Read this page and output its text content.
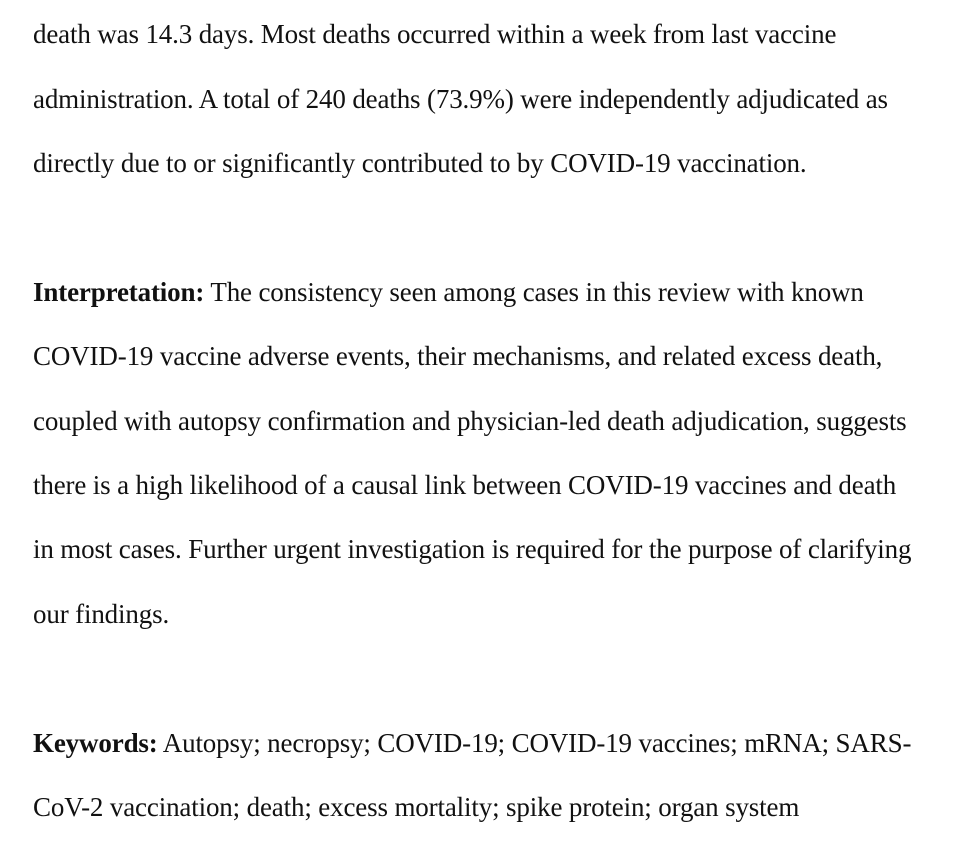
death was 14.3 days. Most deaths occurred within a week from last vaccine
administration. A total of 240 deaths (73.9%) were independently adjudicated as
directly due to or significantly contributed to by COVID-19 vaccination.
Interpretation: The consistency seen among cases in this review with known
COVID-19 vaccine adverse events, their mechanisms, and related excess death,
coupled with autopsy confirmation and physician-led death adjudication, suggests
there is a high likelihood of a causal link between COVID-19 vaccines and death
in most cases. Further urgent investigation is required for the purpose of clarifying
our findings.
Keywords: Autopsy; necropsy; COVID-19; COVID-19 vaccines; mRNA; SARS-
CoV-2 vaccination; death; excess mortality; spike protein; organ system
